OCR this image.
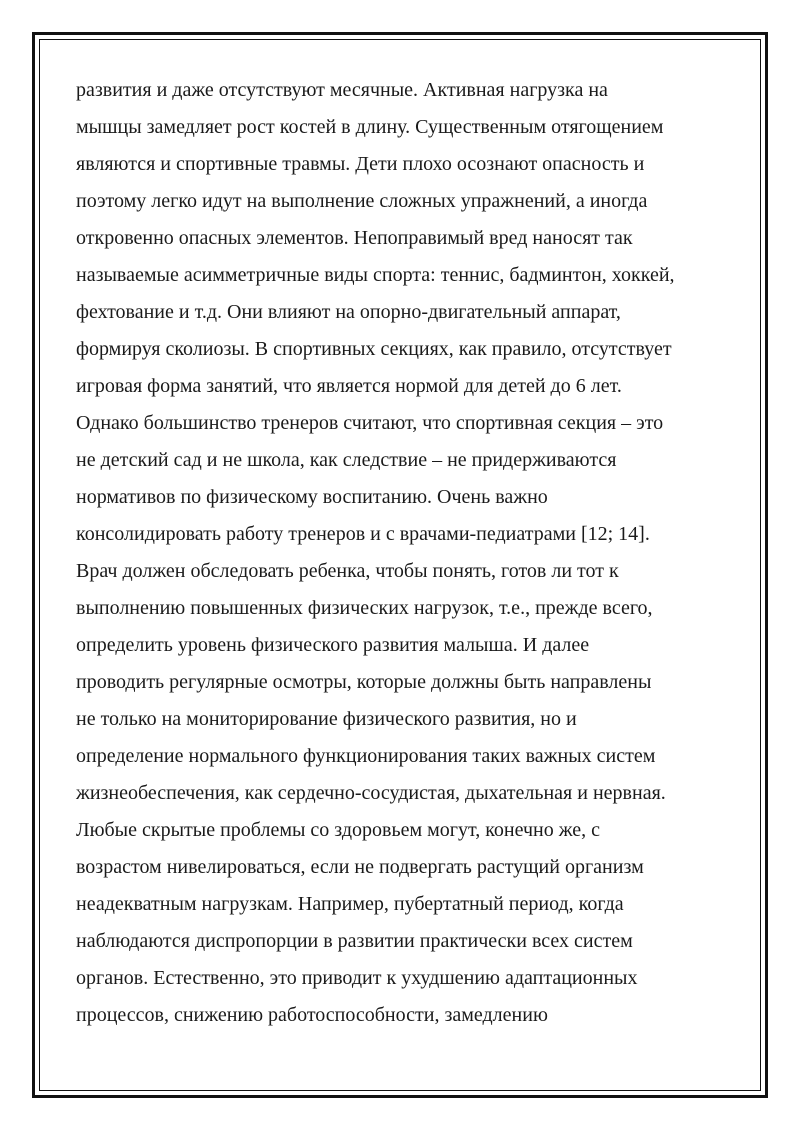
развития и даже отсутствуют месячные. Активная нагрузка на
мышцы замедляет рост костей в длину. Существенным отягощением
являются и спортивные травмы. Дети плохо осознают опасность и
поэтому легко идут на выполнение сложных упражнений, а иногда
откровенно опасных элементов. Непоправимый вред наносят так
называемые асимметричные виды спорта: теннис, бадминтон, хоккей,
фехтование и т.д. Они влияют на опорно-двигательный аппарат,
формируя сколиозы. В спортивных секциях, как правило, отсутствует
игровая форма занятий, что является нормой для детей до 6 лет.
Однако большинство тренеров считают, что спортивная секция – это
не детский сад и не школа, как следствие – не придерживаются
нормативов по физическому воспитанию. Очень важно
консолидировать работу тренеров и с врачами-педиатрами [12; 14].
Врач должен обследовать ребенка, чтобы понять, готов ли тот к
выполнению повышенных физических нагрузок, т.е., прежде всего,
определить уровень физического развития малыша. И далее
проводить регулярные осмотры, которые должны быть направлены
не только на мониторирование физического развития, но и
определение нормального функционирования таких важных систем
жизнеобеспечения, как сердечно-сосудистая, дыхательная и нервная.
Любые скрытые проблемы со здоровьем могут, конечно же, с
возрастом нивелироваться, если не подвергать растущий организм
неадекватным нагрузкам. Например, пубертатный период, когда
наблюдаются диспропорции в развитии практически всех систем
органов. Естественно, это приводит к ухудшению адаптационных
процессов, снижению работоспособности, замедлению
